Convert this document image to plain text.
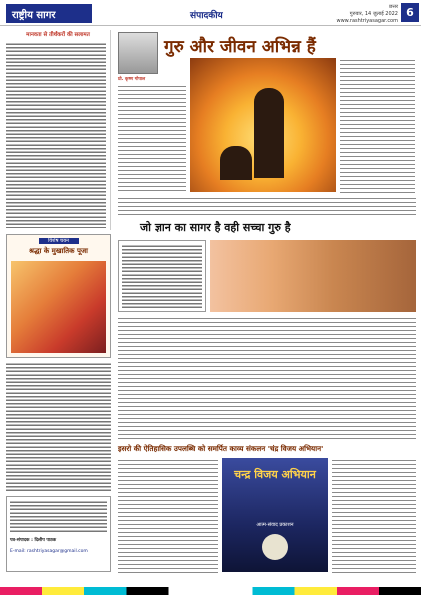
राष्ट्रीय सागर	संपादकीय
छत्तर
गुरुवार, 14 जुलाई 2022
www.rashtriyasagar.com
6
मानवता से तीर्थंकरों की सलामत
विशेष चयन
श्रद्धा के मुखातिक पूजा
पत्र-संपादक : दिलीप पाठक
E-mail: rashtriyasagar@gmail.com
प्रो. कृष्ण गोपाल
गुरु और जीवन अभिन्न हैं
जो ज्ञान का सागर है वही सच्चा गुरु है
इसरो की ऐतिहासिक उपलब्धि को समर्पित काव्य संकलन 'चंद्र विजय अभियान'
चन्द्र विजय अभियान
आत्म-संवाद प्रकाशन
